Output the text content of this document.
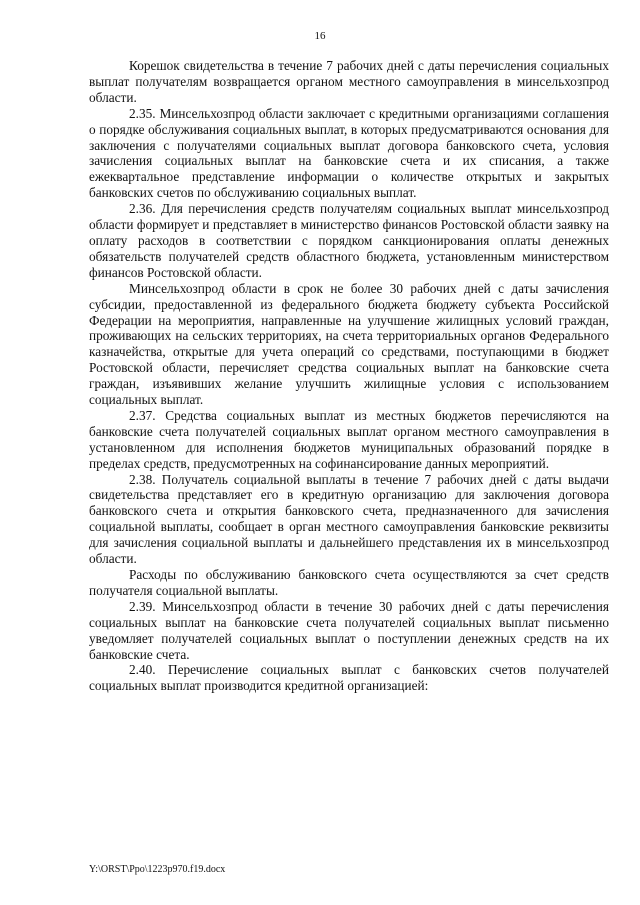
16

Корешок свидетельства в течение 7 рабочих дней с даты перечисления социальных выплат получателям возвращается органом местного самоуправления в минсельхозпрод области.

2.35. Минсельхозпрод области заключает с кредитными организациями соглашения о порядке обслуживания социальных выплат, в которых предусматриваются основания для заключения с получателями социальных выплат договора банковского счета, условия зачисления социальных выплат на банковские счета и их списания, а также ежеквартальное представление информации о количестве открытых и закрытых банковских счетов по обслуживанию социальных выплат.

2.36. Для перечисления средств получателям социальных выплат минсельхозпрод области формирует и представляет в министерство финансов Ростовской области заявку на оплату расходов в соответствии с порядком санкционирования оплаты денежных обязательств получателей средств областного бюджета, установленным министерством финансов Ростовской области.

Минсельхозпрод области в срок не более 30 рабочих дней с даты зачисления субсидии, предоставленной из федерального бюджета бюджету субъекта Российской Федерации на мероприятия, направленные на улучшение жилищных условий граждан, проживающих на сельских территориях, на счета территориальных органов Федерального казначейства, открытые для учета операций со средствами, поступающими в бюджет Ростовской области, перечисляет средства социальных выплат на банковские счета граждан, изъявивших желание улучшить жилищные условия с использованием социальных выплат.

2.37. Средства социальных выплат из местных бюджетов перечисляются на банковские счета получателей социальных выплат органом местного самоуправления в установленном для исполнения бюджетов муниципальных образований порядке в пределах средств, предусмотренных на софинансирование данных мероприятий.

2.38. Получатель социальной выплаты в течение 7 рабочих дней с даты выдачи свидетельства представляет его в кредитную организацию для заключения договора банковского счета и открытия банковского счета, предназначенного для зачисления социальной выплаты, сообщает в орган местного самоуправления банковские реквизиты для зачисления социальной выплаты и дальнейшего представления их в минсельхозпрод области.

Расходы по обслуживанию банковского счета осуществляются за счет средств получателя социальной выплаты.

2.39. Минсельхозпрод области в течение 30 рабочих дней с даты перечисления социальных выплат на банковские счета получателей социальных выплат письменно уведомляет получателей социальных выплат о поступлении денежных средств на их банковские счета.

2.40. Перечисление социальных выплат с банковских счетов получателей социальных выплат производится кредитной организацией:

Y:\ORST\Ppo\1223p970.f19.docx
